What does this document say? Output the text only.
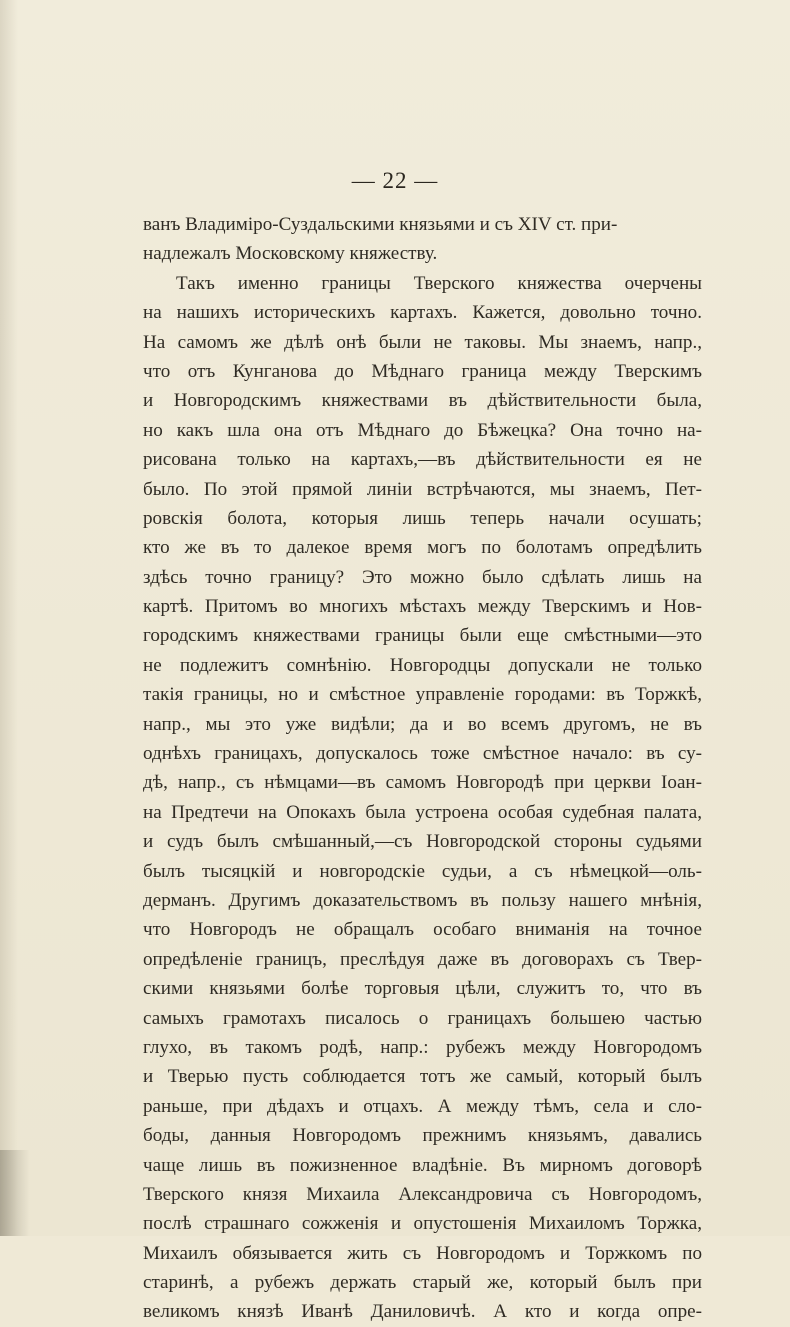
— 22 —
ванъ Владиміро-Суздальскими князьями и съ XIV ст. при-
надлежалъ Московскому княжеству.
Такъ именно границы Тверского княжества очерчены
на нашихъ историческихъ картахъ. Кажется, довольно точно.
На самомъ же дѣлѣ онѣ были не таковы. Мы знаемъ, напр.,
что отъ Кунганова до Мѣднаго граница между Тверскимъ
и Новгородскимъ княжествами въ дѣйствительности была,
но какъ шла она отъ Мѣднаго до Бѣжецка? Она точно на-
рисована только на картахъ,—въ дѣйствительности ея не
было. По этой прямой линіи встрѣчаются, мы знаемъ, Пет-
ровскія болота, которыя лишь теперь начали осушать;
кто же въ то далекое время могъ по болотамъ опредѣлить
здѣсь точно границу? Это можно было сдѣлать лишь на
картѣ. Притомъ во многихъ мѣстахъ между Тверскимъ и Нов-
городскимъ княжествами границы были еще смѣстными—это
не подлежитъ сомнѣнію. Новгородцы допускали не только
такія границы, но и смѣстное управленіе городами: въ Торжкѣ,
напр., мы это уже видѣли; да и во всемъ другомъ, не въ
однѣхъ границахъ, допускалось тоже смѣстное начало: въ су-
дѣ, напр., съ нѣмцами—въ самомъ Новгородѣ при церкви Іоан-
на Предтечи на Опокахъ была устроена особая судебная палата,
и судъ былъ смѣшанный,—съ Новгородской стороны судьями
былъ тысяцкій и новгородскіе судьи, а съ нѣмецкой—оль-
дерманъ. Другимъ доказательствомъ въ пользу нашего мнѣнія,
что Новгородъ не обращалъ особаго вниманія на точное
опредѣленіе границъ, преслѣдуя даже въ договорахъ съ Твер-
скими князьями болѣе торговыя цѣли, служитъ то, что въ
самыхъ грамотахъ писалось о границахъ большею частью
глухо, въ такомъ родѣ, напр.: рубежъ между Новгородомъ
и Тверью пусть соблюдается тотъ же самый, который былъ
раньше, при дѣдахъ и отцахъ. А между тѣмъ, села и сло-
боды, данныя Новгородомъ прежнимъ князьямъ, давались
чаще лишь въ пожизненное владѣніе. Въ мирномъ договорѣ
Тверского князя Михаила Александровича съ Новгородомъ,
послѣ страшнаго сожженія и опустошенія Михаиломъ Торжка,
Михаилъ обязывается жить съ Новгородомъ и Торжкомъ по
старинѣ, а рубежъ держать старый же, который былъ при
великомъ князѣ Иванѣ Даниловичѣ. А кто и когда опре-
